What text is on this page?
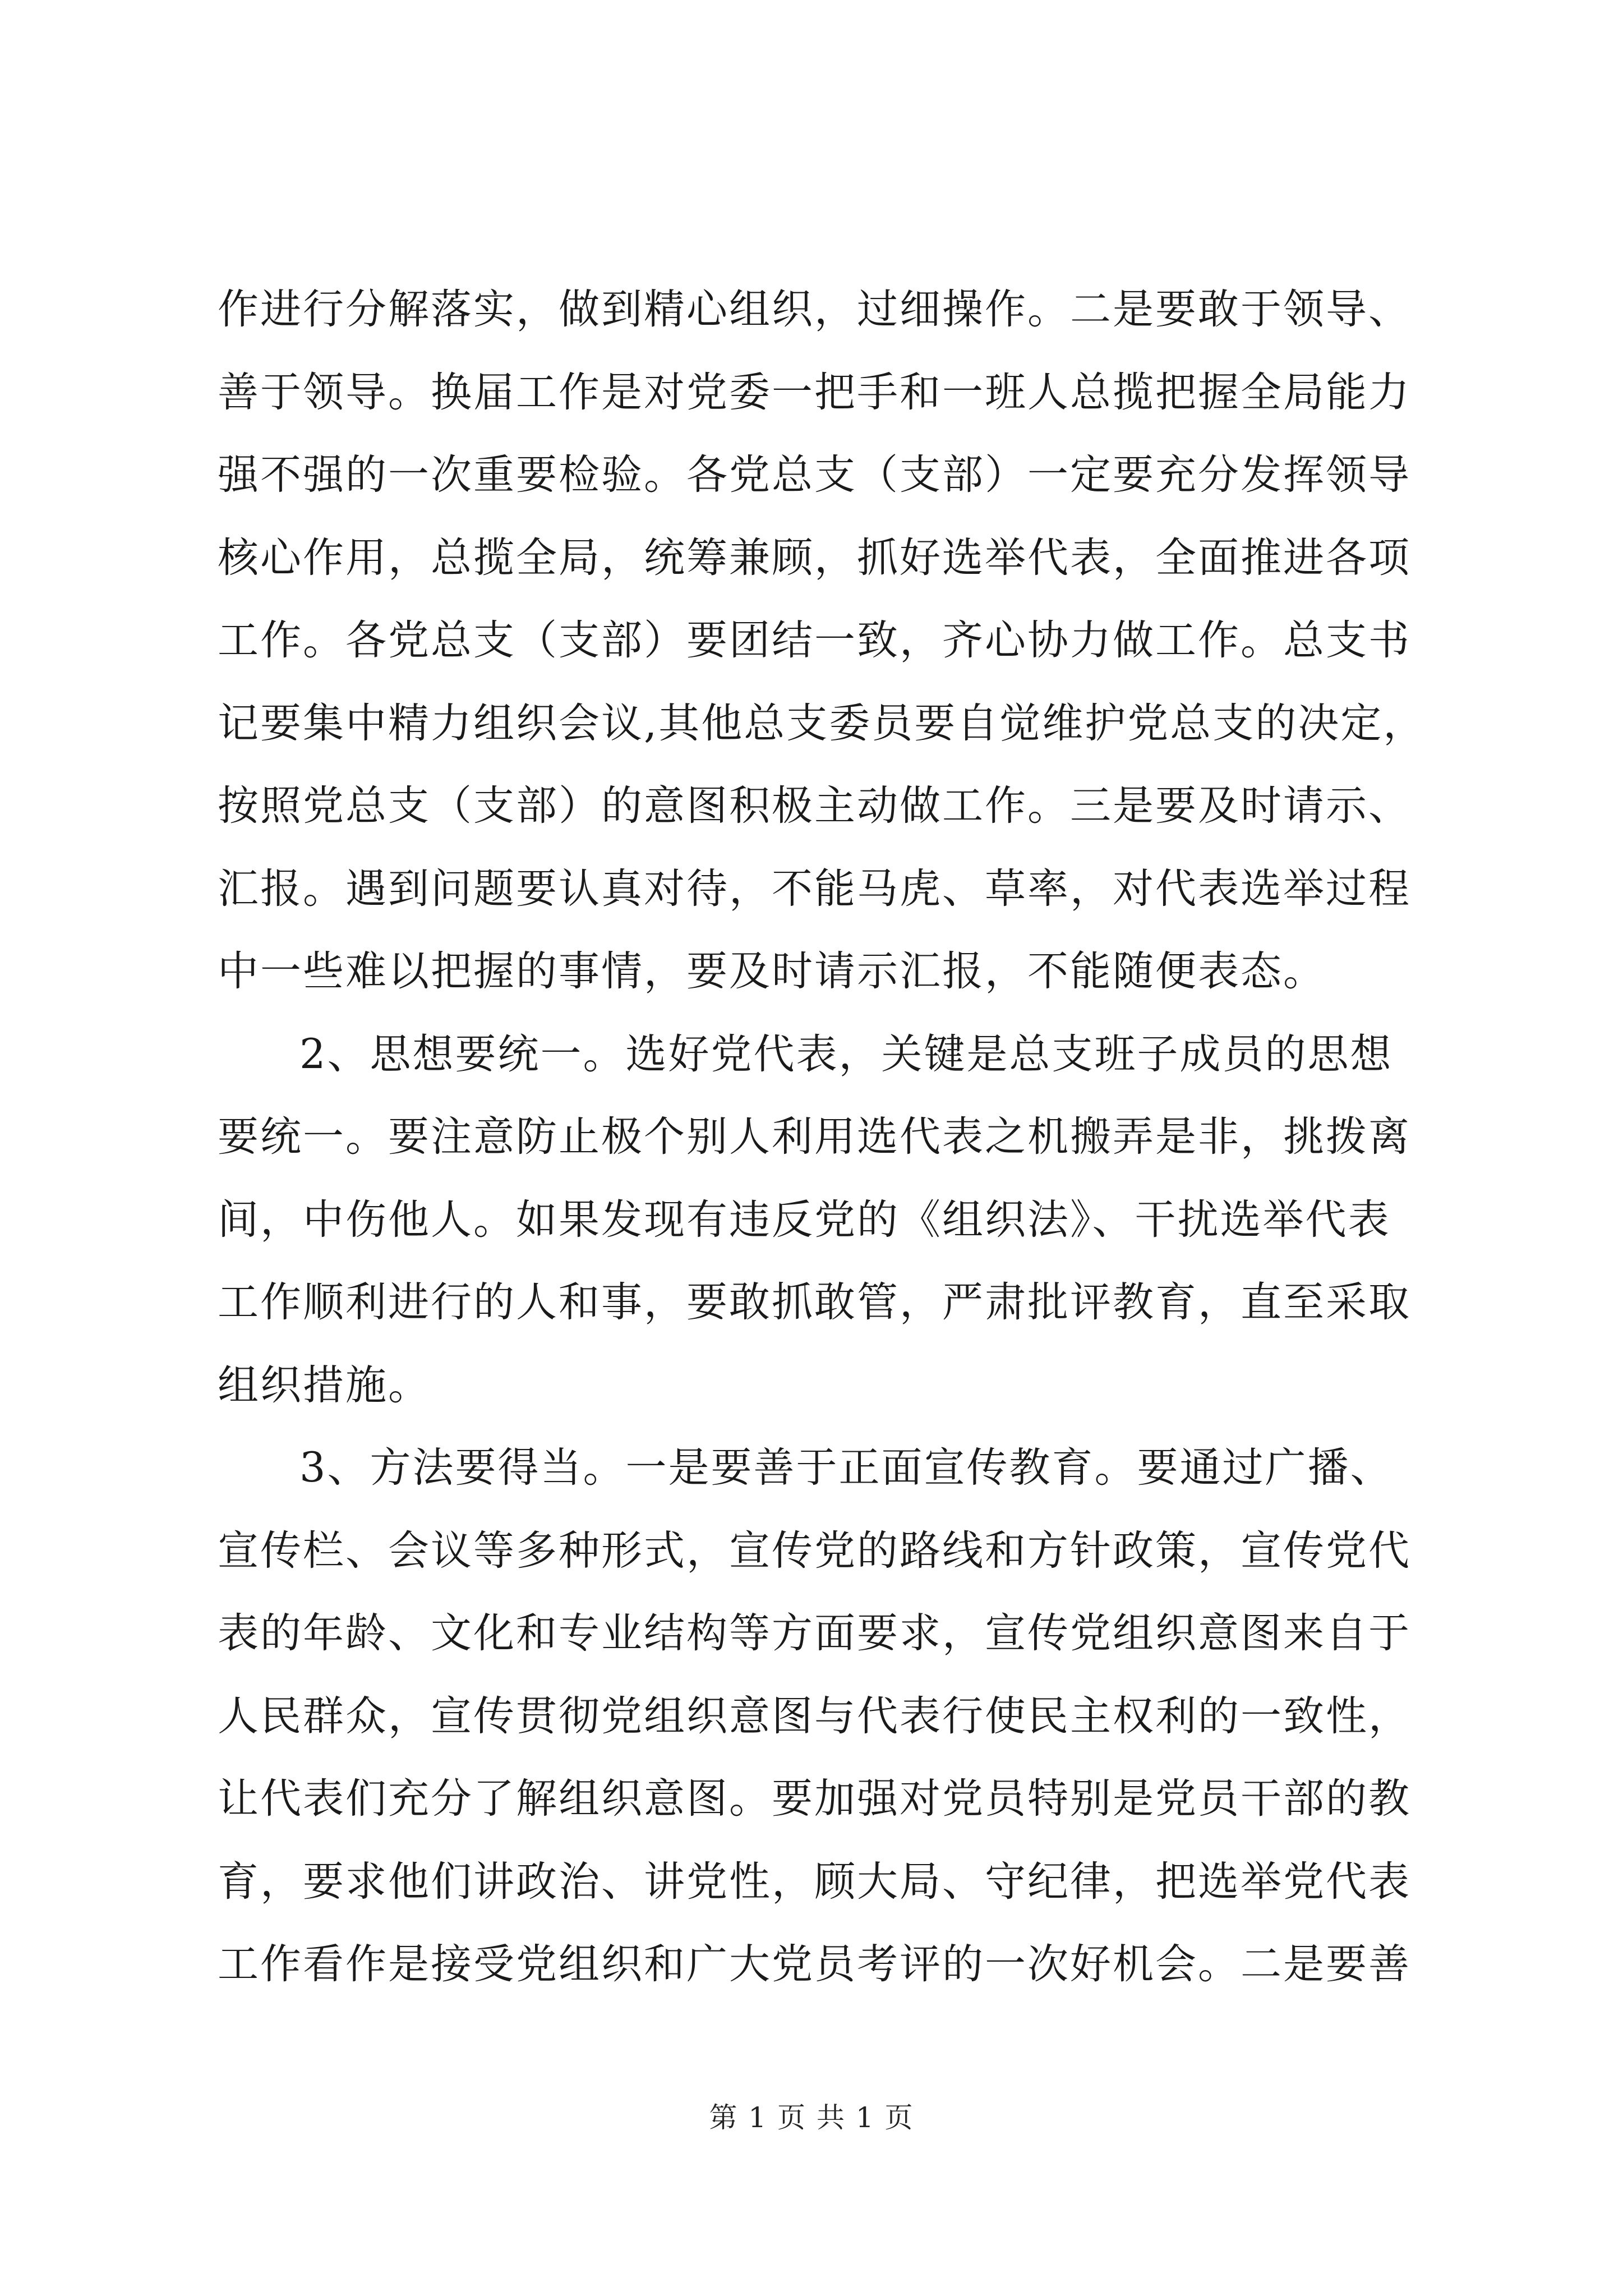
作进行分解落实，做到精心组织，过细操作。二是要敢于领导、
善于领导。换届工作是对党委一把手和一班人总揽把握全局能力
强不强的一次重要检验。各党总支（支部）一定要充分发挥领导
核心作用，总揽全局，统筹兼顾，抓好选举代表，全面推进各项
工作。各党总支（支部）要团结一致，齐心协力做工作。总支书
记要集中精力组织会议,其他总支委员要自觉维护党总支的决定，
按照党总支（支部）的意图积极主动做工作。三是要及时请示、
汇报。遇到问题要认真对待，不能马虎、草率，对代表选举过程
中一些难以把握的事情，要及时请示汇报，不能随便表态。
2、思想要统一。选好党代表，关键是总支班子成员的思想
要统一。要注意防止极个别人利用选代表之机搬弄是非，挑拨离
间，中伤他人。如果发现有违反党的《组织法》、干扰选举代表
工作顺利进行的人和事，要敢抓敢管，严肃批评教育，直至采取
组织措施。
3、方法要得当。一是要善于正面宣传教育。要通过广播、
宣传栏、会议等多种形式，宣传党的路线和方针政策，宣传党代
表的年龄、文化和专业结构等方面要求，宣传党组织意图来自于
人民群众，宣传贯彻党组织意图与代表行使民主权利的一致性，
让代表们充分了解组织意图。要加强对党员特别是党员干部的教
育，要求他们讲政治、讲党性，顾大局、守纪律，把选举党代表
工作看作是接受党组织和广大党员考评的一次好机会。二是要善
第 1 页 共 1 页
